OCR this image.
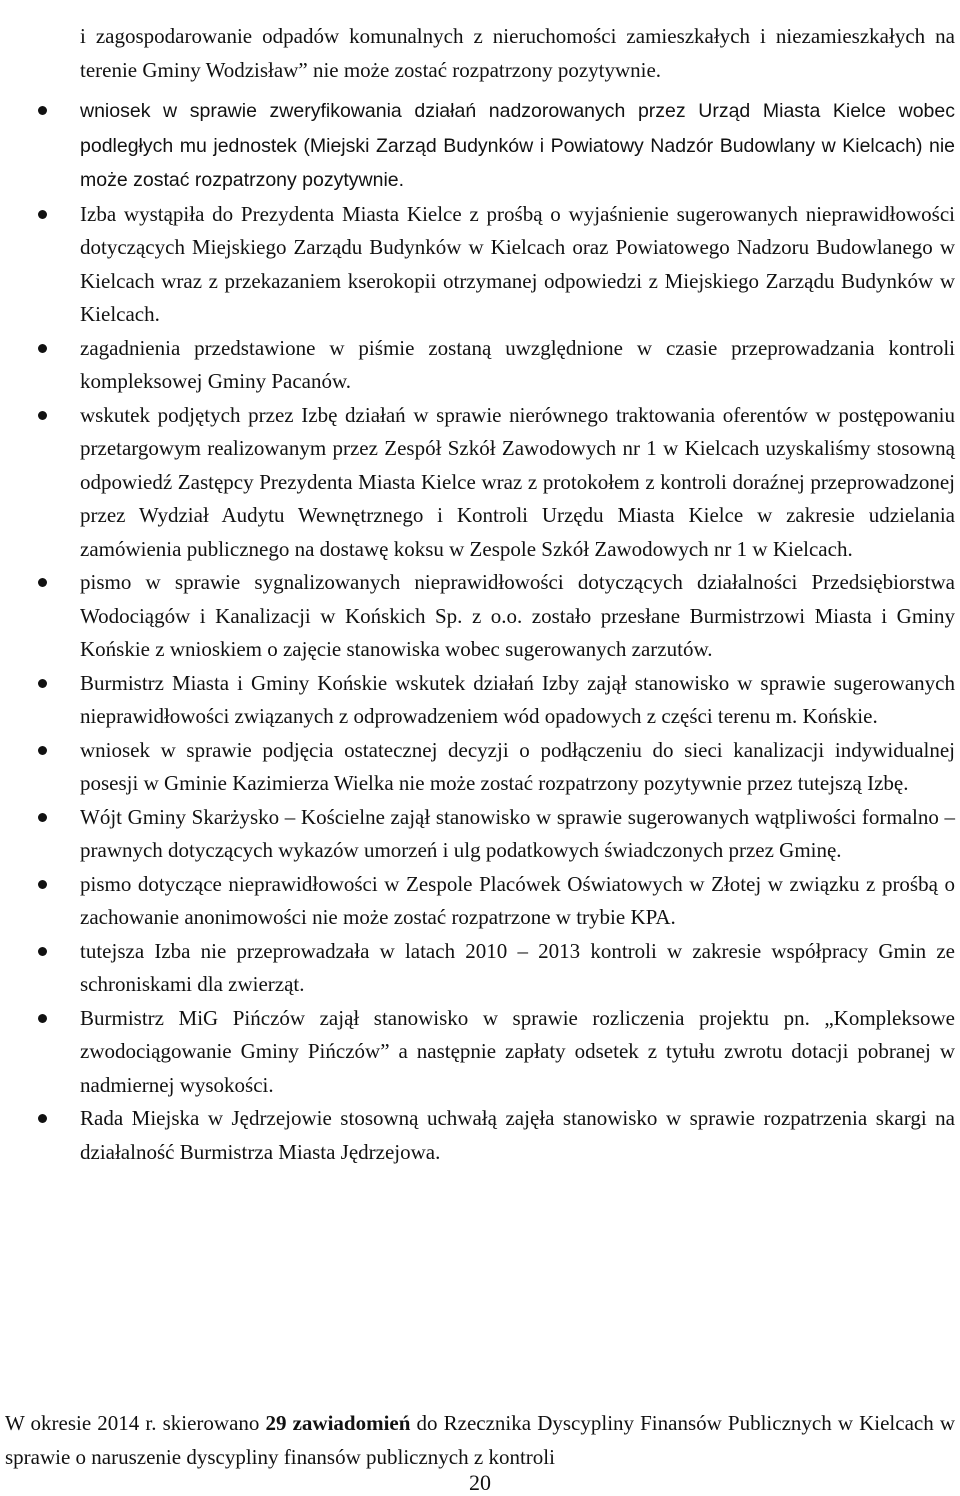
i zagospodarowanie odpadów komunalnych z nieruchomości zamieszkałych i niezamieszkałych na terenie Gminy Wodzisław” nie może zostać rozpatrzony pozytywnie.

wniosek w sprawie zweryfikowania działań nadzorowanych przez Urząd Miasta Kielce wobec podległych mu jednostek (Miejski Zarząd Budynków i Powiatowy Nadzór Budowlany w Kielcach) nie może zostać rozpatrzony pozytywnie.
Izba wystąpiła do Prezydenta Miasta Kielce z prośbą o wyjaśnienie sugerowanych nieprawidłowości dotyczących Miejskiego Zarządu Budynków w Kielcach oraz Powiatowego Nadzoru Budowlanego w Kielcach wraz z przekazaniem kserokopii otrzymanej odpowiedzi z Miejskiego Zarządu Budynków w Kielcach.
zagadnienia przedstawione w piśmie zostaną uwzględnione w czasie przeprowadzania kontroli kompleksowej Gminy Pacanów.
wskutek podjętych przez Izbę działań w sprawie nierównego traktowania oferentów w postępowaniu przetargowym realizowanym przez Zespół Szkół Zawodowych nr 1 w Kielcach uzyskaliśmy stosowną odpowiedź Zastępcy Prezydenta Miasta Kielce wraz z protokołem z kontroli doraźnej przeprowadzonej przez Wydział Audytu Wewnętrznego i Kontroli Urzędu Miasta Kielce w zakresie udzielania zamówienia publicznego na dostawę koksu w Zespole Szkół Zawodowych nr 1 w Kielcach.
pismo w sprawie sygnalizowanych nieprawidłowości dotyczących działalności Przedsiębiorstwa Wodociągów i Kanalizacji w Końskich Sp. z o.o. zostało przesłane Burmistrzowi Miasta i Gminy Końskie z wnioskiem o zajęcie stanowiska wobec sugerowanych zarzutów.
Burmistrz Miasta i Gminy Końskie wskutek działań Izby zajął stanowisko w sprawie sugerowanych nieprawidłowości związanych z odprowadzeniem wód opadowych z części terenu m. Końskie.
wniosek w sprawie podjęcia ostatecznej decyzji o podłączeniu do sieci kanalizacji indywidualnej posesji w Gminie Kazimierza Wielka nie może zostać rozpatrzony pozytywnie przez tutejszą Izbę.
Wójt Gminy Skarżysko – Kościelne zajął stanowisko w sprawie sugerowanych wątpliwości formalno – prawnych dotyczących wykazów umorzeń i ulg podatkowych świadczonych przez Gminę.
pismo dotyczące nieprawidłowości w Zespole Placówek Oświatowych w Złotej w związku z prośbą o zachowanie anonimowości nie może zostać rozpatrzone w trybie KPA.
tutejsza Izba nie przeprowadzała w latach 2010 – 2013 kontroli w zakresie współpracy Gmin ze schroniskami dla zwierząt.
Burmistrz MiG Pińczów zajął stanowisko w sprawie rozliczenia projektu pn. „Kompleksowe zwodociągowanie Gminy Pińczów” a następnie zapłaty odsetek z tytułu zwrotu dotacji pobranej w nadmiernej wysokości.
Rada Miejska w Jędrzejowie stosowną uchwałą zajęła stanowisko w sprawie rozpatrzenia skargi na działalność Burmistrza Miasta Jędrzejowa.

W okresie 2014 r. skierowano 29 zawiadomień do Rzecznika Dyscypliny Finansów Publicznych w Kielcach w sprawie o naruszenie dyscypliny finansów publicznych z kontroli

20
